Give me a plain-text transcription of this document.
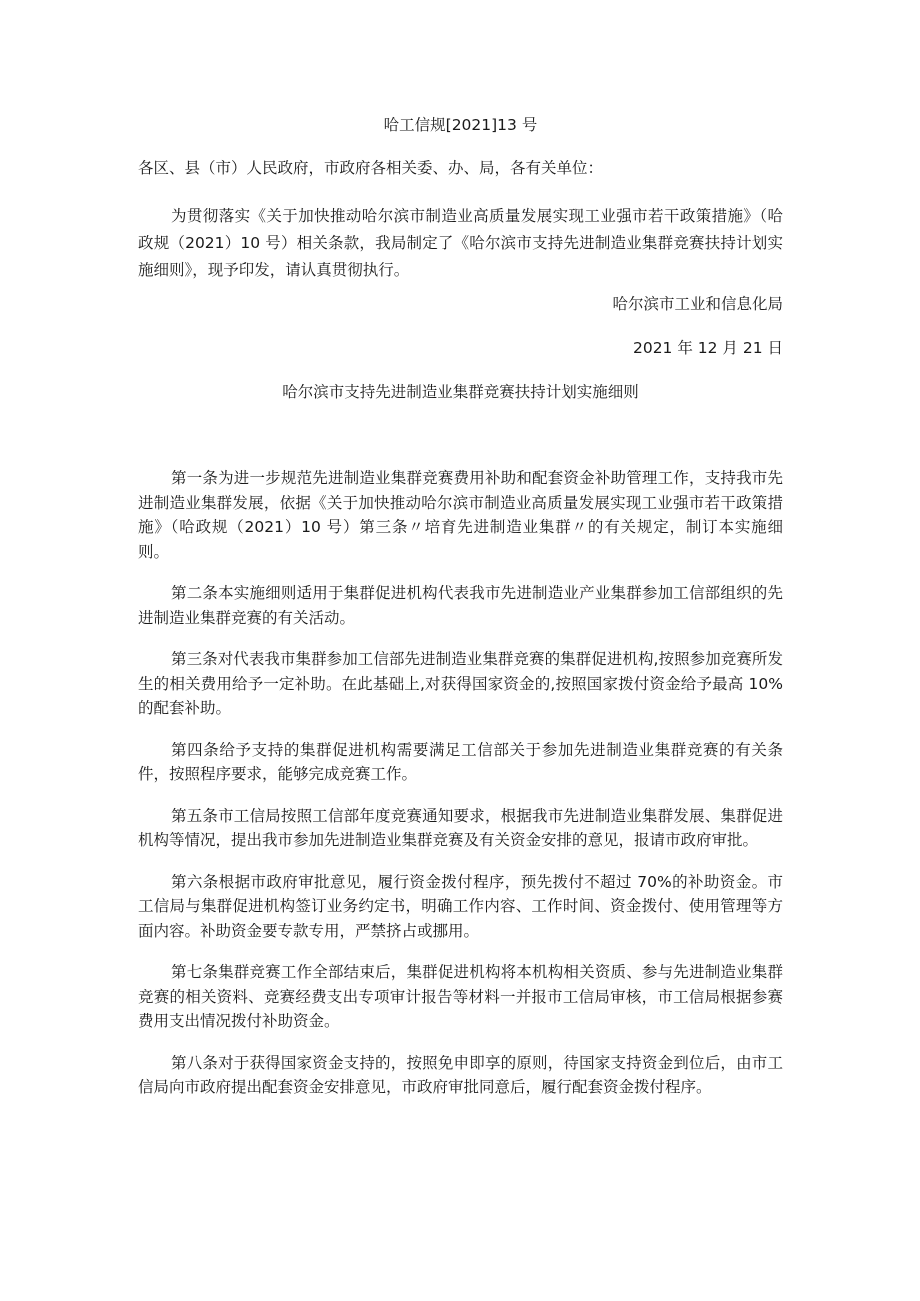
哈工信规[2021]13 号
各区、县（市）人民政府，市政府各相关委、办、局，各有关单位：
为贯彻落实《关于加快推动哈尔滨市制造业高质量发展实现工业强市若干政策措施》（哈政规（2021）10 号）相关条款，我局制定了《哈尔滨市支持先进制造业集群竞赛扶持计划实施细则》，现予印发，请认真贯彻执行。
哈尔滨市工业和信息化局
2021 年 12 月 21 日
哈尔滨市支持先进制造业集群竞赛扶持计划实施细则

第一条为进一步规范先进制造业集群竞赛费用补助和配套资金补助管理工作，支持我市先进制造业集群发展，依据《关于加快推动哈尔滨市制造业高质量发展实现工业强市若干政策措施》（哈政规（2021）10 号）第三条〃培育先进制造业集群〃的有关规定，制订本实施细则。

第二条本实施细则适用于集群促进机构代表我市先进制造业产业集群参加工信部组织的先进制造业集群竞赛的有关活动。

第三条对代表我市集群参加工信部先进制造业集群竞赛的集群促进机构,按照参加竞赛所发生的相关费用给予一定补助。在此基础上,对获得国家资金的,按照国家拨付资金给予最高 10%的配套补助。

第四条给予支持的集群促进机构需要满足工信部关于参加先进制造业集群竞赛的有关条件，按照程序要求，能够完成竞赛工作。

第五条市工信局按照工信部年度竞赛通知要求，根据我市先进制造业集群发展、集群促进机构等情况，提出我市参加先进制造业集群竞赛及有关资金安排的意见，报请市政府审批。

第六条根据市政府审批意见，履行资金拨付程序，预先拨付不超过 70%的补助资金。市工信局与集群促进机构签订业务约定书，明确工作内容、工作时间、资金拨付、使用管理等方面内容。补助资金要专款专用，严禁挤占或挪用。

第七条集群竞赛工作全部结束后，集群促进机构将本机构相关资质、参与先进制造业集群竞赛的相关资料、竞赛经费支出专项审计报告等材料一并报市工信局审核，市工信局根据参赛费用支出情况拨付补助资金。

第八条对于获得国家资金支持的，按照免申即享的原则，待国家支持资金到位后，由市工信局向市政府提出配套资金安排意见，市政府审批同意后，履行配套资金拨付程序。
